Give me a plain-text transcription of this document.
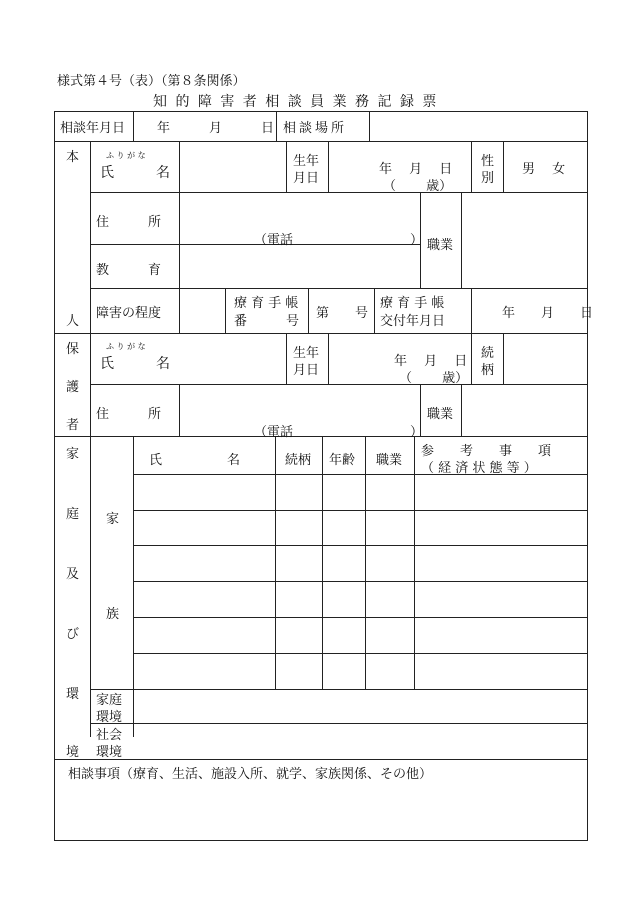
様式第４号（表）（第８条関係）
知 的 障 害 者 相 談 員 業 務 記 録 票
相談年月日 年　　　月　　　日 相談場所
本
人
ふ り が な
氏　　　名
生年
月日
年　 月　 日
（　　 歳）
性
別
男　 女
住　　　所
（電話　　　　　　　　　） 職業
教　　　育
障害の程度
療 育 手 帳
番　　　号
第　　号
療 育 手 帳
交付年月日
年　　月　　日
保
護
者
ふ り が な
氏　　　名
生年
月日
年　 月　 日
（　　 歳）
続
柄
住　　　所
（電話　　　　　　　　　）
職業
家
庭
及
び
環
境
家
族
氏　　　　　名	続柄 年齢 職業
参　　考　　事　　項
（ 経 済 状 態 等 ）
家庭
環境
社会
環境
相談事項（療育、生活、施設入所、就学、家族関係、その他）
